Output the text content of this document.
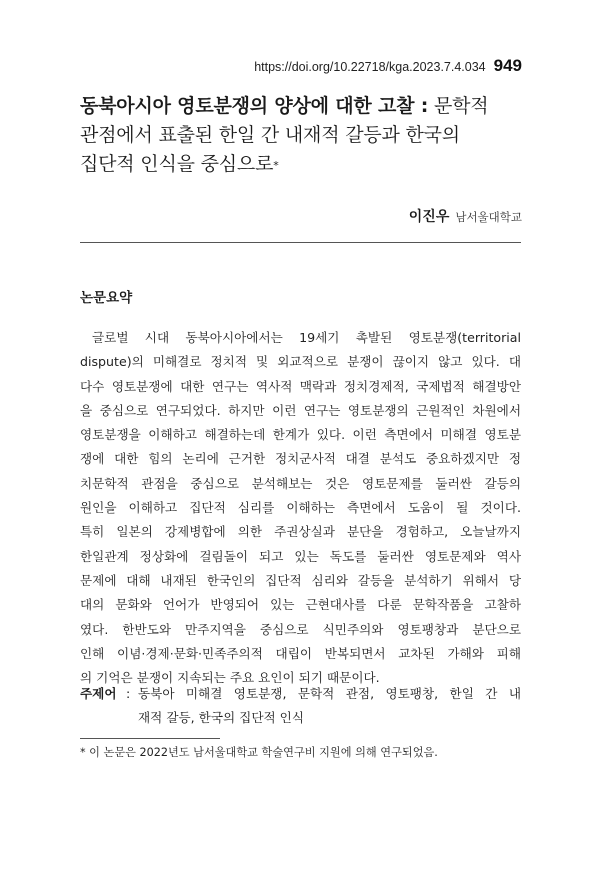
https://doi.org/10.22718/kga.2023.7.4.034 949
동북아시아 영토분쟁의 양상에 대한 고찰 : 문학적
관점에서 표출된 한일 간 내재적 갈등과 한국의
집단적 인식을 중심으로*
이진우 남서울대학교
논문요약
글로벌 시대 동북아시아에서는 19세기 촉발된 영토분쟁(territorial
dispute)의 미해결로 정치적 및 외교적으로 분쟁이 끊이지 않고 있다. 대
다수 영토분쟁에 대한 연구는 역사적 맥락과 정치경제적, 국제법적 해결방안
을 중심으로 연구되었다. 하지만 이런 연구는 영토분쟁의 근원적인 차원에서
영토분쟁을 이해하고 해결하는데 한계가 있다. 이런 측면에서 미해결 영토분
쟁에 대한 힘의 논리에 근거한 정치군사적 대결 분석도 중요하겠지만 정
치문학적 관점을 중심으로 분석해보는 것은 영토문제를 둘러싼 갈등의
원인을 이해하고 집단적 심리를 이해하는 측면에서 도움이 될 것이다.
특히 일본의 강제병합에 의한 주권상실과 분단을 경험하고, 오늘날까지
한일관계 정상화에 걸림돌이 되고 있는 독도를 둘러싼 영토문제와 역사
문제에 대해 내재된 한국인의 집단적 심리와 갈등을 분석하기 위해서 당
대의 문화와 언어가 반영되어 있는 근현대사를 다룬 문학작품을 고찰하
였다. 한반도와 만주지역을 중심으로 식민주의와 영토팽창과 분단으로
인해 이념·경제·문화·민족주의적 대립이 반복되면서 교차된 가해와 피해
의 기억은 분쟁이 지속되는 주요 요인이 되기 때문이다.
주제어 : 동북아 미해결 영토분쟁, 문학적 관점, 영토팽창, 한일 간 내
재적 갈등, 한국의 집단적 인식
* 이 논문은 2022년도 남서울대학교 학술연구비 지원에 의해 연구되었음.
